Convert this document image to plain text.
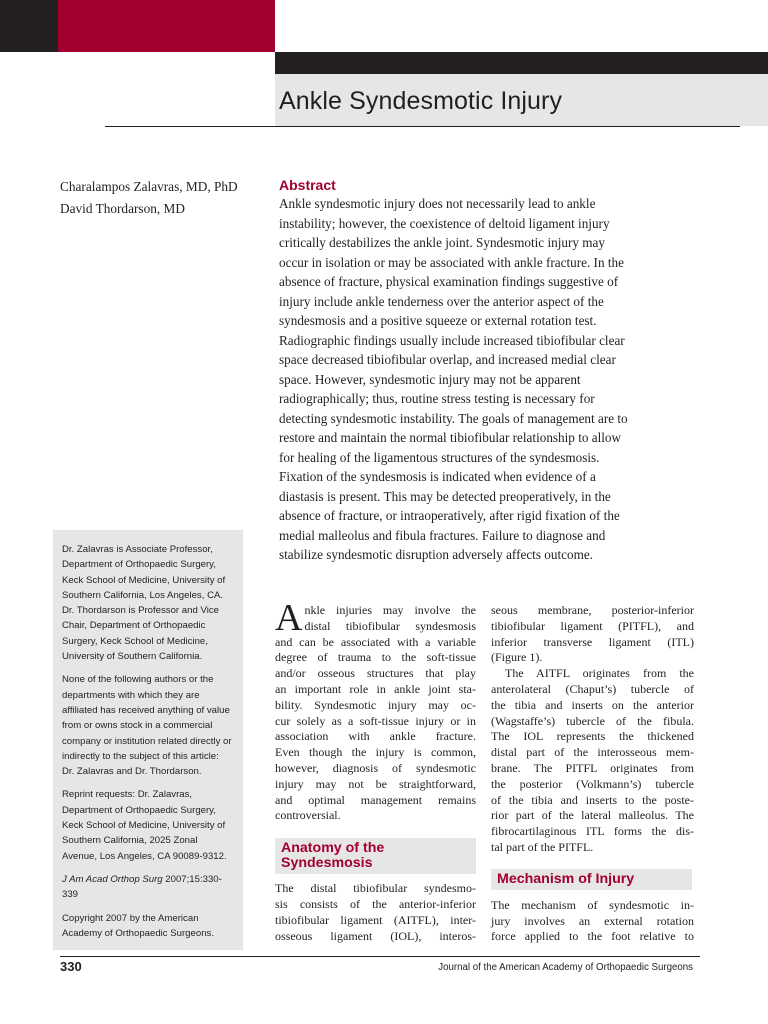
Ankle Syndesmotic Injury
Charalampos Zalavras, MD, PhD
David Thordarson, MD
Abstract
Ankle syndesmotic injury does not necessarily lead to ankle
instability; however, the coexistence of deltoid ligament injury
critically destabilizes the ankle joint. Syndesmotic injury may
occur in isolation or may be associated with ankle fracture. In the
absence of fracture, physical examination findings suggestive of
injury include ankle tenderness over the anterior aspect of the
syndesmosis and a positive squeeze or external rotation test.
Radiographic findings usually include increased tibiofibular clear
space decreased tibiofibular overlap, and increased medial clear
space. However, syndesmotic injury may not be apparent
radiographically; thus, routine stress testing is necessary for
detecting syndesmotic instability. The goals of management are to
restore and maintain the normal tibiofibular relationship to allow
for healing of the ligamentous structures of the syndesmosis.
Fixation of the syndesmosis is indicated when evidence of a
diastasis is present. This may be detected preoperatively, in the
absence of fracture, or intraoperatively, after rigid fixation of the
medial malleolus and fibula fractures. Failure to diagnose and
stabilize syndesmotic disruption adversely affects outcome.

Dr. Zalavras is Associate Professor,
Department of Orthopaedic Surgery,
Keck School of Medicine, University of
Southern California, Los Angeles, CA.
Dr. Thordarson is Professor and Vice
Chair, Department of Orthopaedic
Surgery, Keck School of Medicine,
University of Southern California.

None of the following authors or the
departments with which they are
affiliated has received anything of value
from or owns stock in a commercial
company or institution related directly or
indirectly to the subject of this article:
Dr. Zalavras and Dr. Thordarson.

Reprint requests: Dr. Zalavras,
Department of Orthopaedic Surgery,
Keck School of Medicine, University of
Southern California, 2025 Zonal
Avenue, Los Angeles, CA 90089-9312.

J Am Acad Orthop Surg 2007;15:330-
339

Copyright 2007 by the American
Academy of Orthopaedic Surgeons.

A nkle injuries may involve the
distal tibiofibular syndesmosis
and can be associated with a variable
degree of trauma to the soft-tissue
and/or osseous structures that play
an important role in ankle joint sta-
bility. Syndesmotic injury may oc-
cur solely as a soft-tissue injury or in
association with ankle fracture.
Even though the injury is common,
however, diagnosis of syndesmotic
injury may not be straightforward,
and optimal management remains
controversial.
Anatomy of the
Syndesmosis
The distal tibiofibular syndesmo-
sis consists of the anterior-inferior
tibiofibular ligament (AITFL), inter-
osseous ligament (IOL), interos-
seous membrane, posterior-inferior
tibiofibular ligament (PITFL), and
inferior transverse ligament (ITL)
(Figure 1).
The AITFL originates from the
anterolateral (Chaput’s) tubercle of
the tibia and inserts on the anterior
(Wagstaffe’s) tubercle of the fibula.
The IOL represents the thickened
distal part of the interosseous mem-
brane. The PITFL originates from
the posterior (Volkmann’s) tubercle
of the tibia and inserts to the poste-
rior part of the lateral malleolus. The
fibrocartilaginous ITL forms the dis-
tal part of the PITFL.
Mechanism of Injury
The mechanism of syndesmotic in-
jury involves an external rotation
force applied to the foot relative to
330	Journal of the American Academy of Orthopaedic Surgeons
